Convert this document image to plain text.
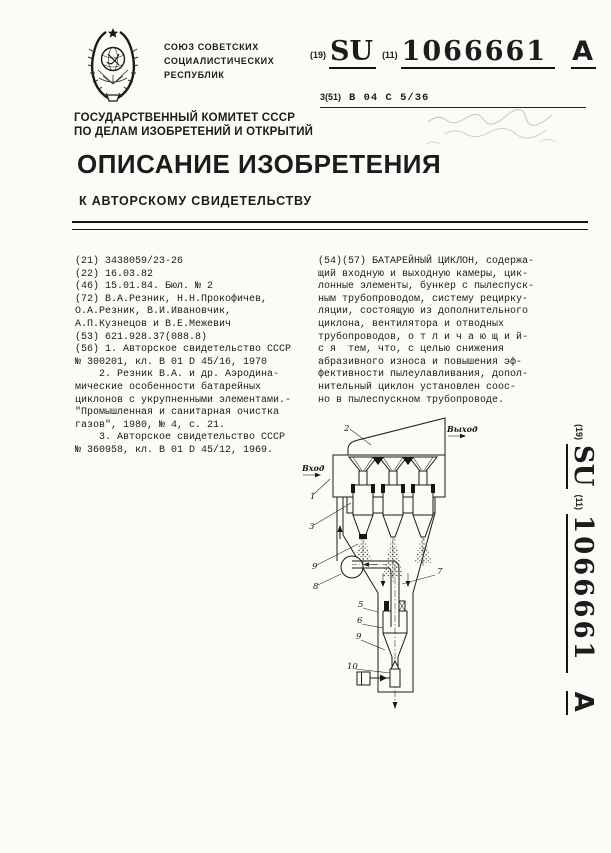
СОЮЗ СОВЕТСКИХ
СОЦИАЛИСТИЧЕСКИХ
РЕСПУБЛИК
(19) SU	(11) 1066661 A
3(51) B 04 C 5/36
ГОСУДАРСТВЕННЫЙ КОМИТЕТ СССР
ПО ДЕЛАМ ИЗОБРЕТЕНИЙ И ОТКРЫТИЙ
ОПИСАНИЕ ИЗОБРЕТЕНИЯ
К АВТОРСКОМУ СВИДЕТЕЛЬСТВУ
(21) 3438059/23-26
(22) 16.03.82
(46) 15.01.84. Бюл. № 2
(72) В.А.Резник, Н.Н.Прокофичев,
О.А.Резник, В.И.Ивановчик,
А.П.Кузнецов и В.Е.Межевич
(53) 621.928.37(088.8)
(56) 1. Авторское свидетельство СССР
№ 300201, кл. B 01 D 45/16, 1970
2. Резник В.А. и др. Аэродина-
мические особенности батарейных
циклонов с укрупненными элементами.-
"Промышленная и санитарная очистка
газов", 1980, № 4, с. 21.
3. Авторское свидетельство СССР
№ 360958, кл. B 01 D 45/12, 1969.
(54)(57) БАТАРЕЙНЫЙ ЦИКЛОН, содержа-
щий входную и выходную камеры, цик-
лонные элементы, бункер с пылеспуск-
ным трубопроводом, систему рецирку-
ляции, состоящую из дополнительного
циклона, вентилятора и отводных
трубопроводов, о т л и ч а ю щ и й-
с я  тем, что, с целью снижения
абразивного износа и повышения эф-
фективности пылеулавливания, допол-
нительный циклон установлен соос-
но в пылеспускном трубопроводе.
Выход
Вход
2
1
3
9
8
7
5
6
9
10
(19)
SU
(11)
1066661
A
